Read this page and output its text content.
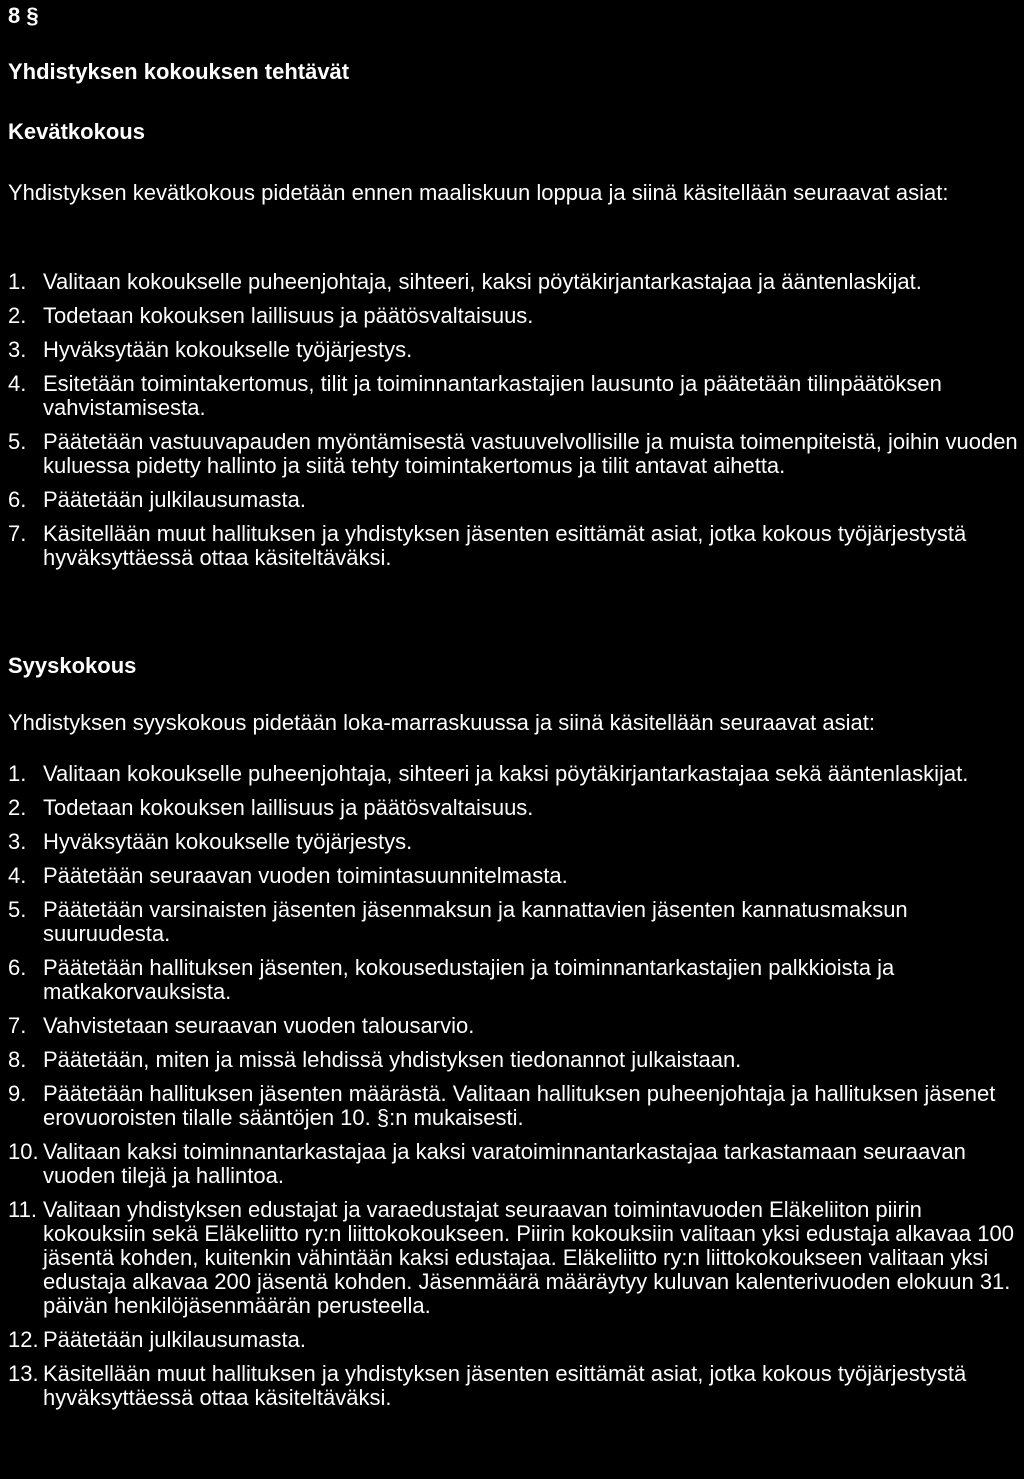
8 §
Yhdistyksen kokouksen tehtävät
Kevätkokous

Yhdistyksen kevätkokous pidetään ennen maaliskuun loppua ja siinä käsitellään seuraavat asiat:

1. Valitaan kokoukselle puheenjohtaja, sihteeri, kaksi pöytäkirjantarkastajaa ja ääntenlaskijat.
2. Todetaan kokouksen laillisuus ja päätösvaltaisuus.
3. Hyväksytään kokoukselle työjärjestys.
4. Esitetään toimintakertomus, tilit ja toiminnantarkastajien lausunto ja päätetään tilinpäätöksen vahvistamisesta.
5. Päätetään vastuuvapauden myöntämisestä vastuuvelvollisille ja muista toimenpiteistä, joihin vuoden kuluessa pidetty hallinto ja siitä tehty toimintakertomus ja tilit antavat aihetta.
6. Päätetään julkilausumasta.
7. Käsitellään muut hallituksen ja yhdistyksen jäsenten esittämät asiat, jotka kokous työjärjestystä hyväksyttäessä ottaa käsiteltäväksi.
Syyskokous

Yhdistyksen syyskokous pidetään loka-marraskuussa ja siinä käsitellään seuraavat asiat:

1. Valitaan kokoukselle puheenjohtaja, sihteeri ja kaksi pöytäkirjantarkastajaa sekä ääntenlaskijat.
2. Todetaan kokouksen laillisuus ja päätösvaltaisuus.
3. Hyväksytään kokoukselle työjärjestys.
4. Päätetään seuraavan vuoden toimintasuunnitelmasta.
5. Päätetään varsinaisten jäsenten jäsenmaksun ja kannattavien jäsenten kannatusmaksun suuruudesta.
6. Päätetään hallituksen jäsenten, kokousedustajien ja toiminnantarkastajien palkkioista ja matkakorvauksista.
7. Vahvistetaan seuraavan vuoden talousarvio.
8. Päätetään, miten ja missä lehdissä yhdistyksen tiedonannot julkaistaan.
9. Päätetään hallituksen jäsenten määrästä. Valitaan hallituksen puheenjohtaja ja hallituksen jäsenet erovuoroisten tilalle sääntöjen 10. §:n mukaisesti.
10. Valitaan kaksi toiminnantarkastajaa ja kaksi varatoiminnantarkastajaa tarkastamaan seuraavan vuoden tilejä ja hallintoa.
11. Valitaan yhdistyksen edustajat ja varaedustajat seuraavan toimintavuoden Eläkeliiton piirin kokouksiin sekä Eläkeliitto ry:n liittokokoukseen. Piirin kokouksiin valitaan yksi edustaja alkavaa 100 jäsentä kohden, kuitenkin vähintään kaksi edustajaa. Eläkeliitto ry:n liittokokoukseen valitaan yksi edustaja alkavaa 200 jäsentä kohden. Jäsenmäärä määräytyy kuluvan kalenterivuoden elokuun 31. päivän henkilöjäsenmäärän perusteella.
12. Päätetään julkilausumasta.
13. Käsitellään muut hallituksen ja yhdistyksen jäsenten esittämät asiat, jotka kokous työjärjestystä hyväksyttäessä ottaa käsiteltäväksi.
